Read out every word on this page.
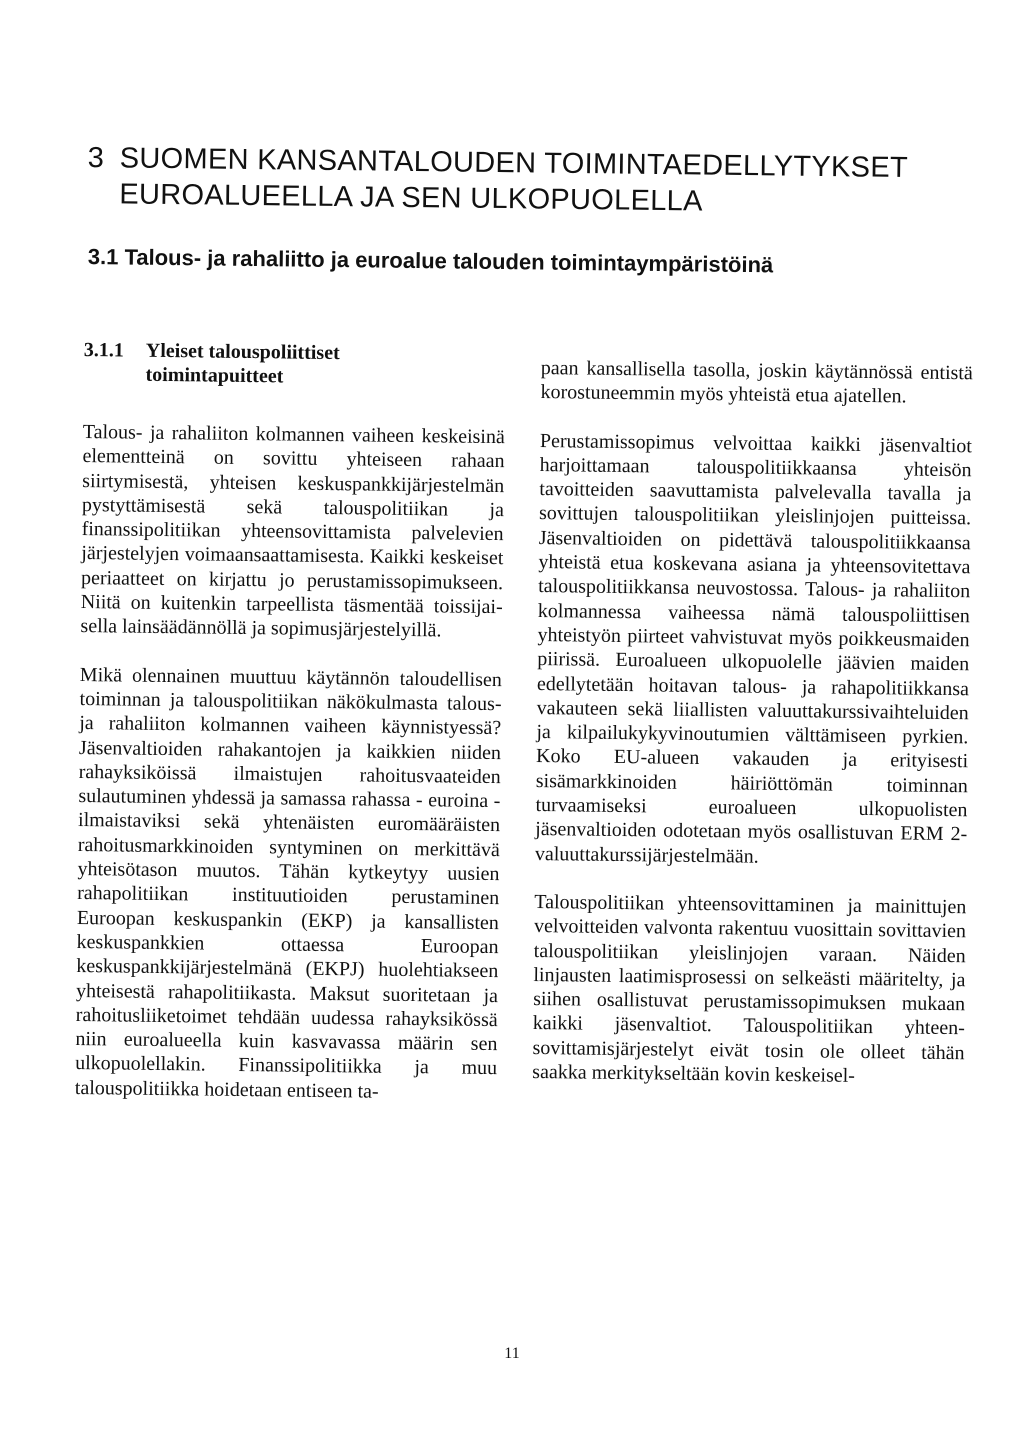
3 SUOMEN KANSANTALOUDEN TOIMINTAEDELLYTYKSET
EUROALUEELLA JA SEN ULKOPUOLELLA
3.1 Talous- ja rahaliitto ja euroalue talouden toimintaympäristöinä
3.1.1	Yleiset talouspoliittiset toimintapuitteet

Talous- ja rahaliiton kolmannen vaiheen keskeisinä elementteinä on sovittu yhteiseen rahaan siirtymisestä, yhteisen keskuspankkijärjestelmän pystyttämisestä sekä talouspolitiikan ja finanssipolitiikan yhteensovittamista palvelevien järjestelyjen voimaansaattamisesta. Kaikki keskeiset periaatteet on kirjattu jo perustamissopimukseen. Niitä on kuitenkin tarpeellista täsmentää toissijaisella lainsäädännöllä ja sopimusjärjestelyillä.

Mikä olennainen muuttuu käytännön taloudellisen toiminnan ja talouspolitiikan näkökulmasta talous- ja rahaliiton kolmannen vaiheen käynnistyessä? Jäsenvaltioiden rahakantojen ja kaikkien niiden rahayksiköissä ilmaistujen rahoitusvaateiden sulautuminen yhdessä ja samassa rahassa - euroina - ilmaistaviksi sekä yhtenäisten euromääräisten rahoitusmarkkinoiden syntyminen on merkittävä yhteisötason muutos. Tähän kytkeytyy uusien rahapolitiikan instituutioiden perustaminen Euroopan keskuspankin (EKP) ja kansallisten keskuspankkien ottaessa Euroopan keskuspankkijärjestelmänä (EKPJ) huolehtiakseen yhteisestä rahapolitiikasta. Maksut suoritetaan ja rahoitusliiketoimet tehdään uudessa rahayksikössä niin euroalueella kuin kasvavassa määrin sen ulkopuolellakin. Finanssipolitiikka ja muu talouspolitiikka hoidetaan entiseen ta-

paan kansallisella tasolla, joskin käytännössä entistä korostuneemmin myös yhteistä etua ajatellen.

Perustamissopimus velvoittaa kaikki jäsenvaltiot harjoittamaan talouspolitiikkaansa yhteisön tavoitteiden saavuttamista palvelevalla tavalla ja sovittujen talouspolitiikan yleislinjojen puitteissa. Jäsenvaltioiden on pidettävä talouspolitiikkaansa yhteistä etua koskevana asiana ja yhteensovitettava talouspolitiikkansa neuvostossa. Talous- ja rahaliiton kolmannessa vaiheessa nämä talouspoliittisen yhteistyön piirteet vahvistuvat myös poikkeusmaiden piirissä. Euroalueen ulkopuolelle jäävien maiden edellytetään hoitavan talous- ja rahapolitiikkansa vakauteen sekä liiallisten valuuttakurssivaihteluiden ja kilpailukykyvinoutumien välttämiseen pyrkien. Koko EU-alueen vakauden ja erityisesti sisämarkkinoiden häiriöttömän toiminnan turvaamiseksi euroalueen ulkopuolisten jäsenvaltioiden odotetaan myös osallistuvan ERM 2-valuuttakurssijärjestelmään.

Talouspolitiikan yhteensovittaminen ja mainittujen velvoitteiden valvonta rakentuu vuosittain sovittavien talouspolitiikan yleislinjojen varaan. Näiden linjausten laatimisprosessi on selkeästi määritelty, ja siihen osallistuvat perustamissopimuksen mukaan kaikki jäsenvaltiot. Talouspolitiikan yhteensovittamisjärjestelyt eivät tosin ole olleet tähän saakka merkitykseltään kovin keskeisel-

11
